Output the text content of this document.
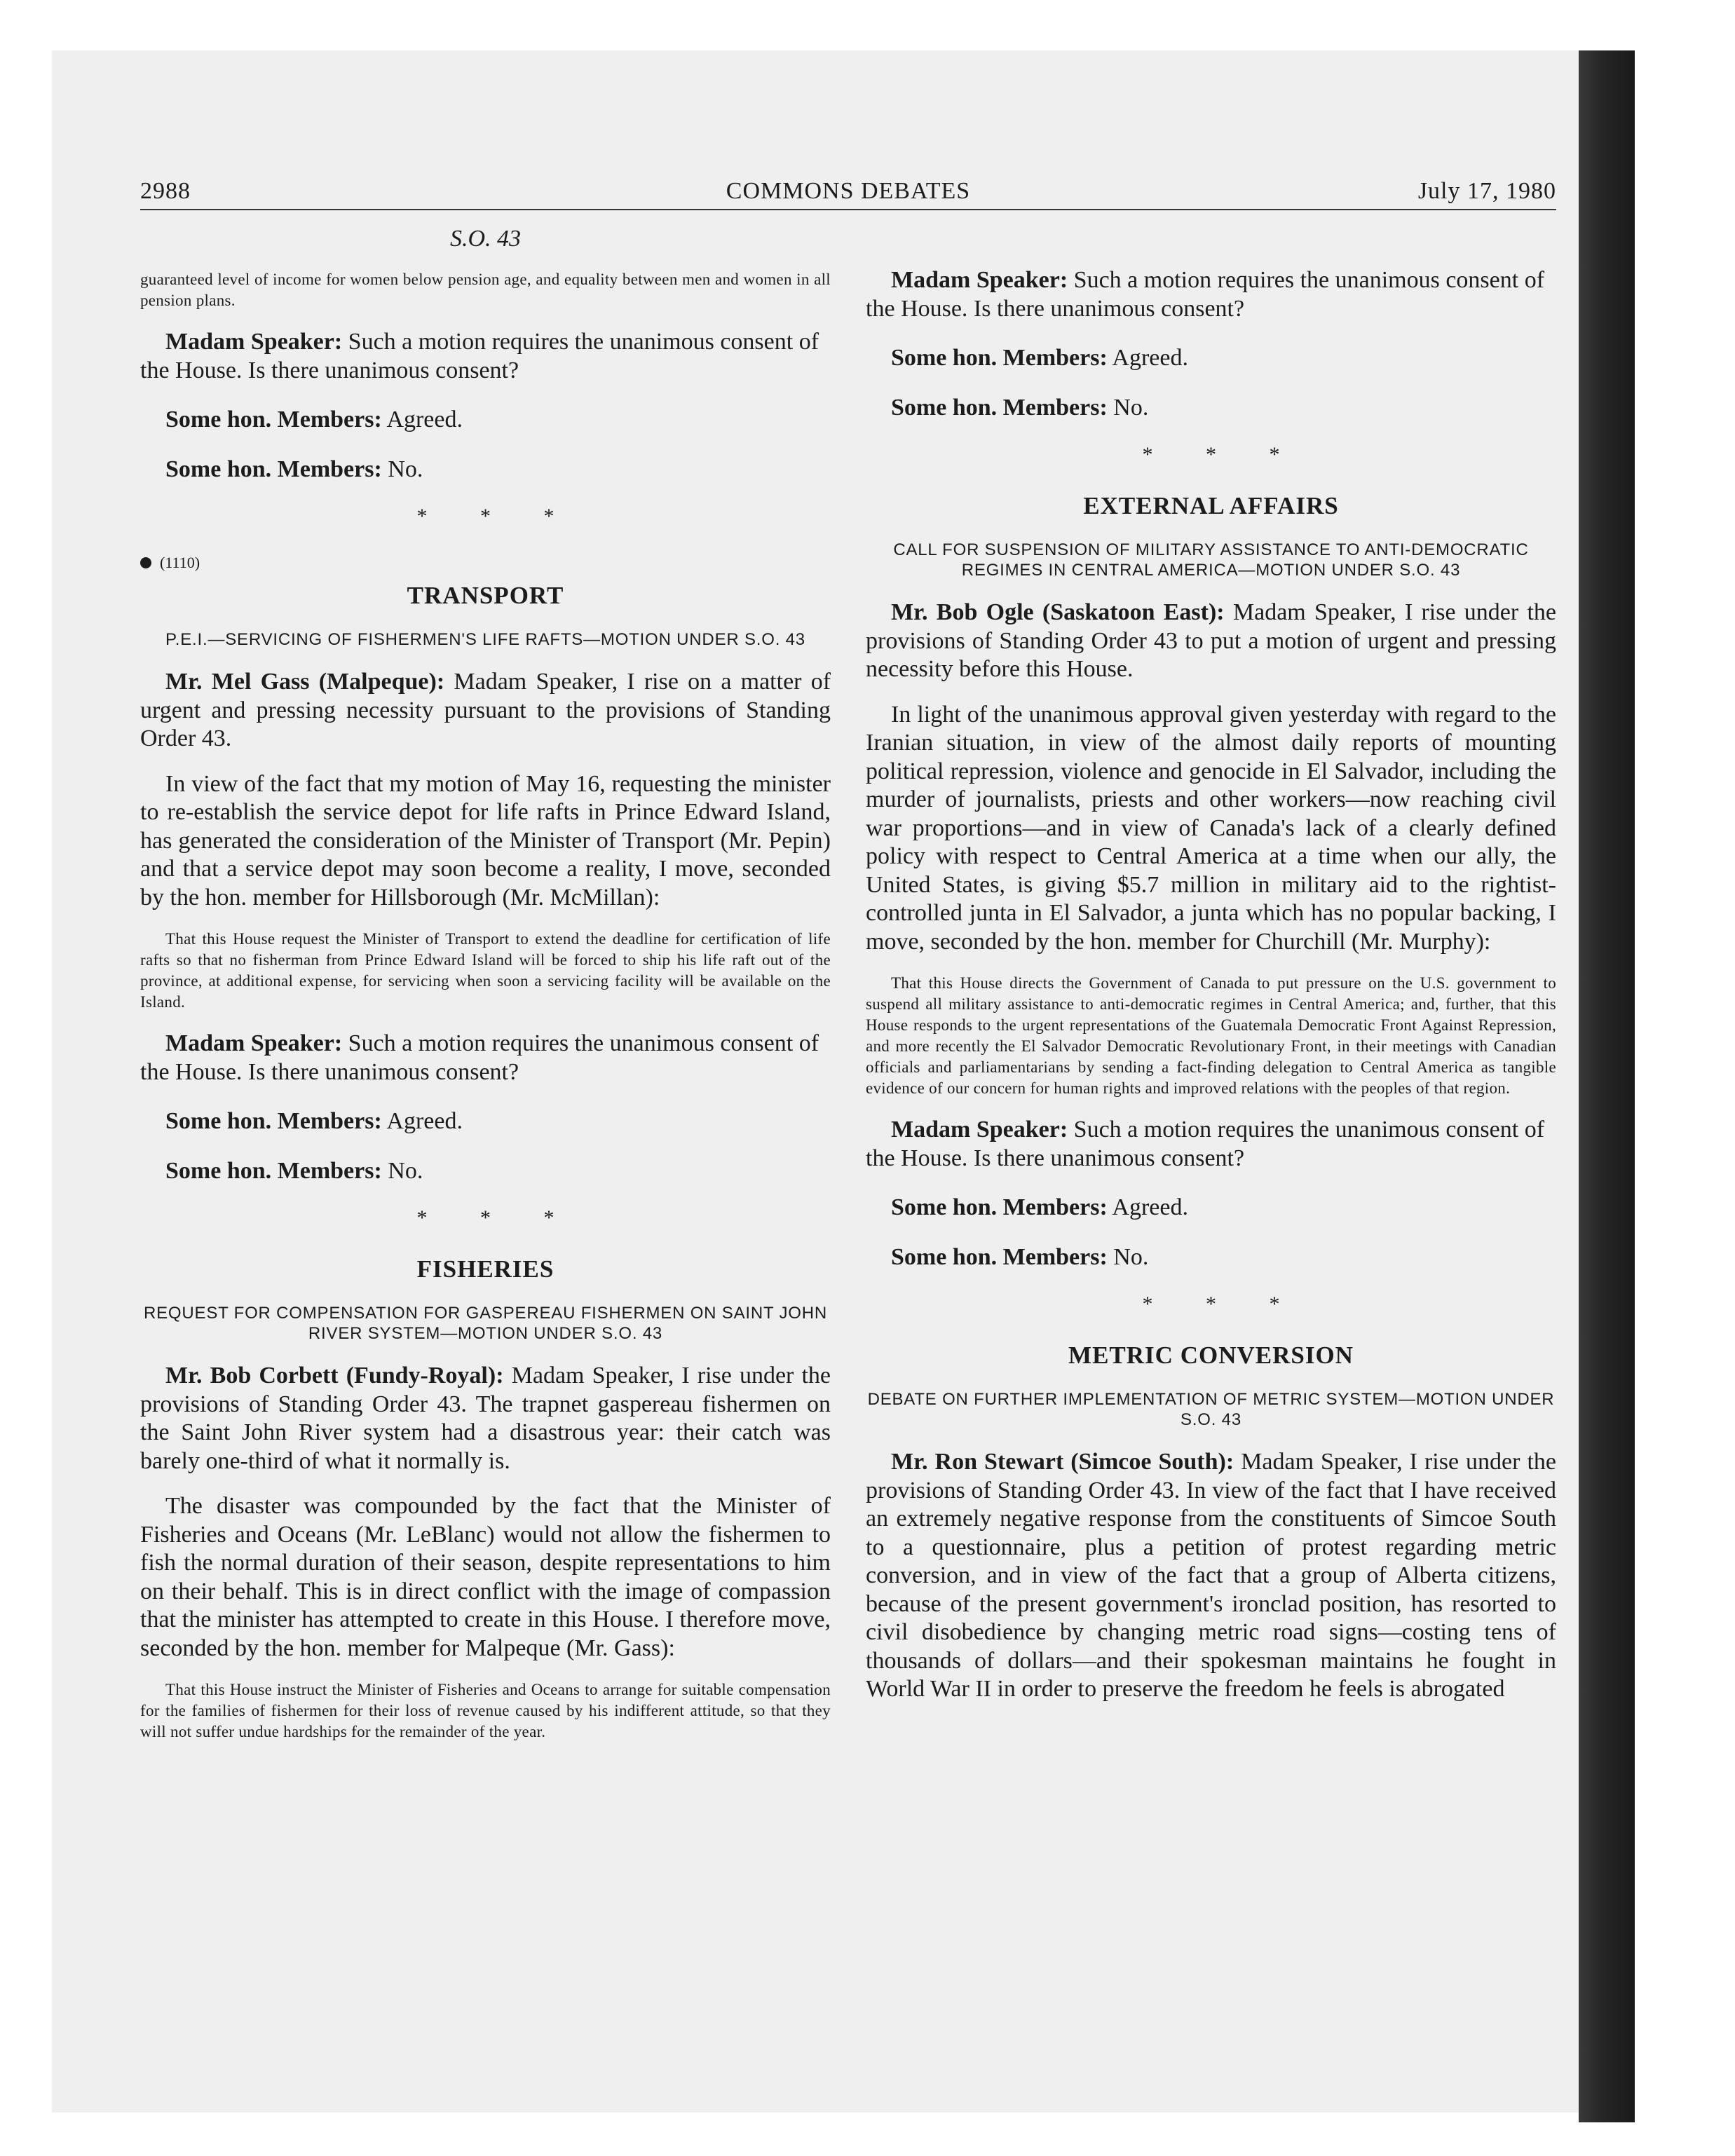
2988	COMMONS DEBATES	July 17, 1980
S.O. 43
guaranteed level of income for women below pension age, and equality between men and women in all pension plans.
Madam Speaker: Such a motion requires the unanimous consent of the House. Is there unanimous consent?
Some hon. Members: Agreed.
Some hon. Members: No.
* * *
(1110)
TRANSPORT
P.E.I.—SERVICING OF FISHERMEN'S LIFE RAFTS—MOTION UNDER S.O. 43
Mr. Mel Gass (Malpeque): Madam Speaker, I rise on a matter of urgent and pressing necessity pursuant to the provisions of Standing Order 43.
In view of the fact that my motion of May 16, requesting the minister to re-establish the service depot for life rafts in Prince Edward Island, has generated the consideration of the Minister of Transport (Mr. Pepin) and that a service depot may soon become a reality, I move, seconded by the hon. member for Hillsborough (Mr. McMillan):
That this House request the Minister of Transport to extend the deadline for certification of life rafts so that no fisherman from Prince Edward Island will be forced to ship his life raft out of the province, at additional expense, for servicing when soon a servicing facility will be available on the Island.
Madam Speaker: Such a motion requires the unanimous consent of the House. Is there unanimous consent?
Some hon. Members: Agreed.
Some hon. Members: No.
* * *
FISHERIES
REQUEST FOR COMPENSATION FOR GASPEREAU FISHERMEN ON SAINT JOHN RIVER SYSTEM—MOTION UNDER S.O. 43
Mr. Bob Corbett (Fundy-Royal): Madam Speaker, I rise under the provisions of Standing Order 43. The trapnet gaspereau fishermen on the Saint John River system had a disastrous year: their catch was barely one-third of what it normally is.
The disaster was compounded by the fact that the Minister of Fisheries and Oceans (Mr. LeBlanc) would not allow the fishermen to fish the normal duration of their season, despite representations to him on their behalf. This is in direct conflict with the image of compassion that the minister has attempted to create in this House. I therefore move, seconded by the hon. member for Malpeque (Mr. Gass):
That this House instruct the Minister of Fisheries and Oceans to arrange for suitable compensation for the families of fishermen for their loss of revenue caused by his indifferent attitude, so that they will not suffer undue hardships for the remainder of the year.
Madam Speaker: Such a motion requires the unanimous consent of the House. Is there unanimous consent?
Some hon. Members: Agreed.
Some hon. Members: No.
* * *
EXTERNAL AFFAIRS
CALL FOR SUSPENSION OF MILITARY ASSISTANCE TO ANTI-DEMOCRATIC REGIMES IN CENTRAL AMERICA—MOTION UNDER S.O. 43
Mr. Bob Ogle (Saskatoon East): Madam Speaker, I rise under the provisions of Standing Order 43 to put a motion of urgent and pressing necessity before this House.
In light of the unanimous approval given yesterday with regard to the Iranian situation, in view of the almost daily reports of mounting political repression, violence and genocide in El Salvador, including the murder of journalists, priests and other workers—now reaching civil war proportions—and in view of Canada's lack of a clearly defined policy with respect to Central America at a time when our ally, the United States, is giving $5.7 million in military aid to the rightist-controlled junta in El Salvador, a junta which has no popular backing, I move, seconded by the hon. member for Churchill (Mr. Murphy):
That this House directs the Government of Canada to put pressure on the U.S. government to suspend all military assistance to anti-democratic regimes in Central America; and, further, that this House responds to the urgent representations of the Guatemala Democratic Front Against Repression, and more recently the El Salvador Democratic Revolutionary Front, in their meetings with Canadian officials and parliamentarians by sending a fact-finding delegation to Central America as tangible evidence of our concern for human rights and improved relations with the peoples of that region.
Madam Speaker: Such a motion requires the unanimous consent of the House. Is there unanimous consent?
Some hon. Members: Agreed.
Some hon. Members: No.
* * *
METRIC CONVERSION
DEBATE ON FURTHER IMPLEMENTATION OF METRIC SYSTEM—MOTION UNDER S.O. 43
Mr. Ron Stewart (Simcoe South): Madam Speaker, I rise under the provisions of Standing Order 43. In view of the fact that I have received an extremely negative response from the constituents of Simcoe South to a questionnaire, plus a petition of protest regarding metric conversion, and in view of the fact that a group of Alberta citizens, because of the present government's ironclad position, has resorted to civil disobedience by changing metric road signs—costing tens of thousands of dollars—and their spokesman maintains he fought in World War II in order to preserve the freedom he feels is abrogated
